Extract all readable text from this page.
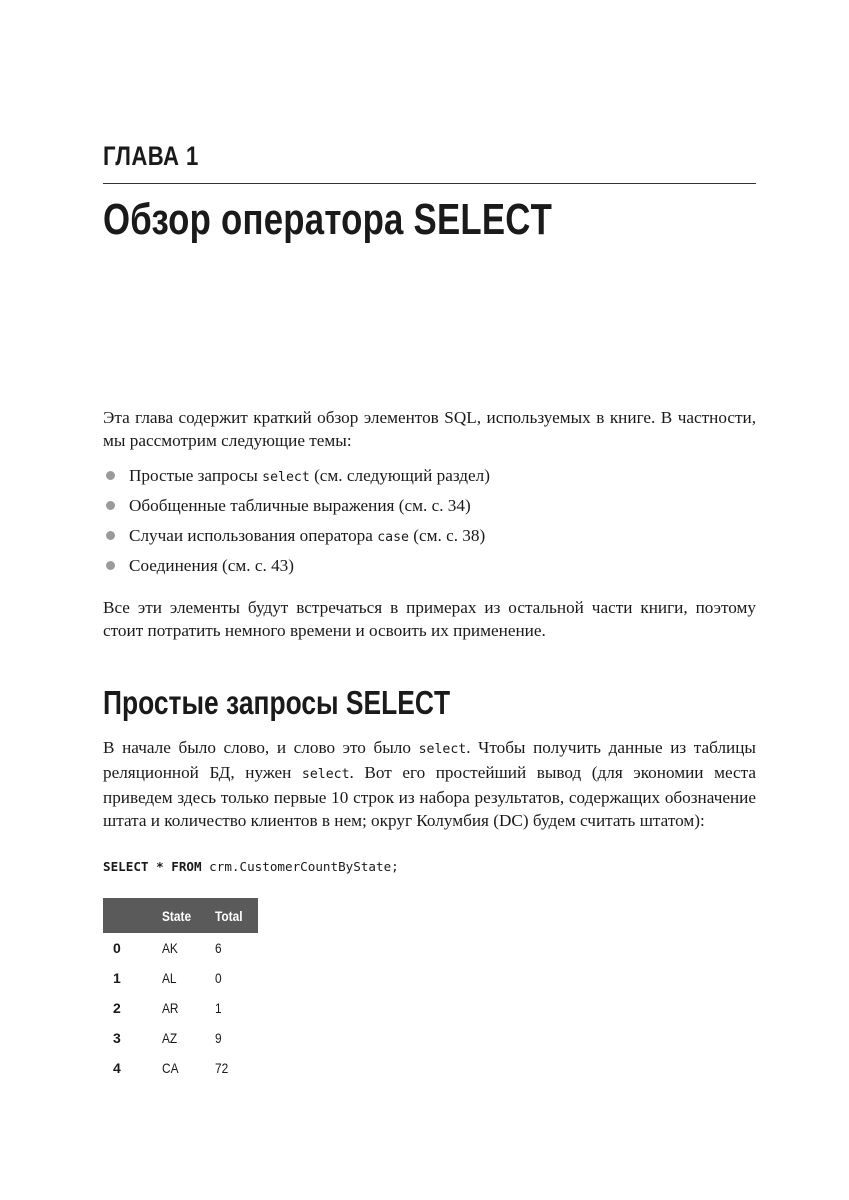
ГЛАВА 1
Обзор оператора SELECT

Эта глава содержит краткий обзор элементов SQL, используемых в книге. В частности, мы рассмотрим следующие темы:

Простые запросы select (см. следующий раздел)
Обобщенные табличные выражения (см. с. 34)
Случаи использования оператора case (см. с. 38)
Соединения (см. с. 43)

Все эти элементы будут встречаться в примерах из остальной части книги, поэтому стоит потратить немного времени и освоить их применение.

Простые запросы SELECT

В начале было слово, и слово это было select. Чтобы получить данные из таблицы реляционной БД, нужен select. Вот его простейший вывод (для экономии места приведем здесь только первые 10 строк из набора результатов, содержащих обозначение штата и количество клиентов в нем; округ Колумбия (DC) будем считать штатом):

SELECT * FROM crm.CustomerCountByState;
	State	Total
0	AK	6
1	AL	0
2	AR	1
3	AZ	9
4	CA	72
